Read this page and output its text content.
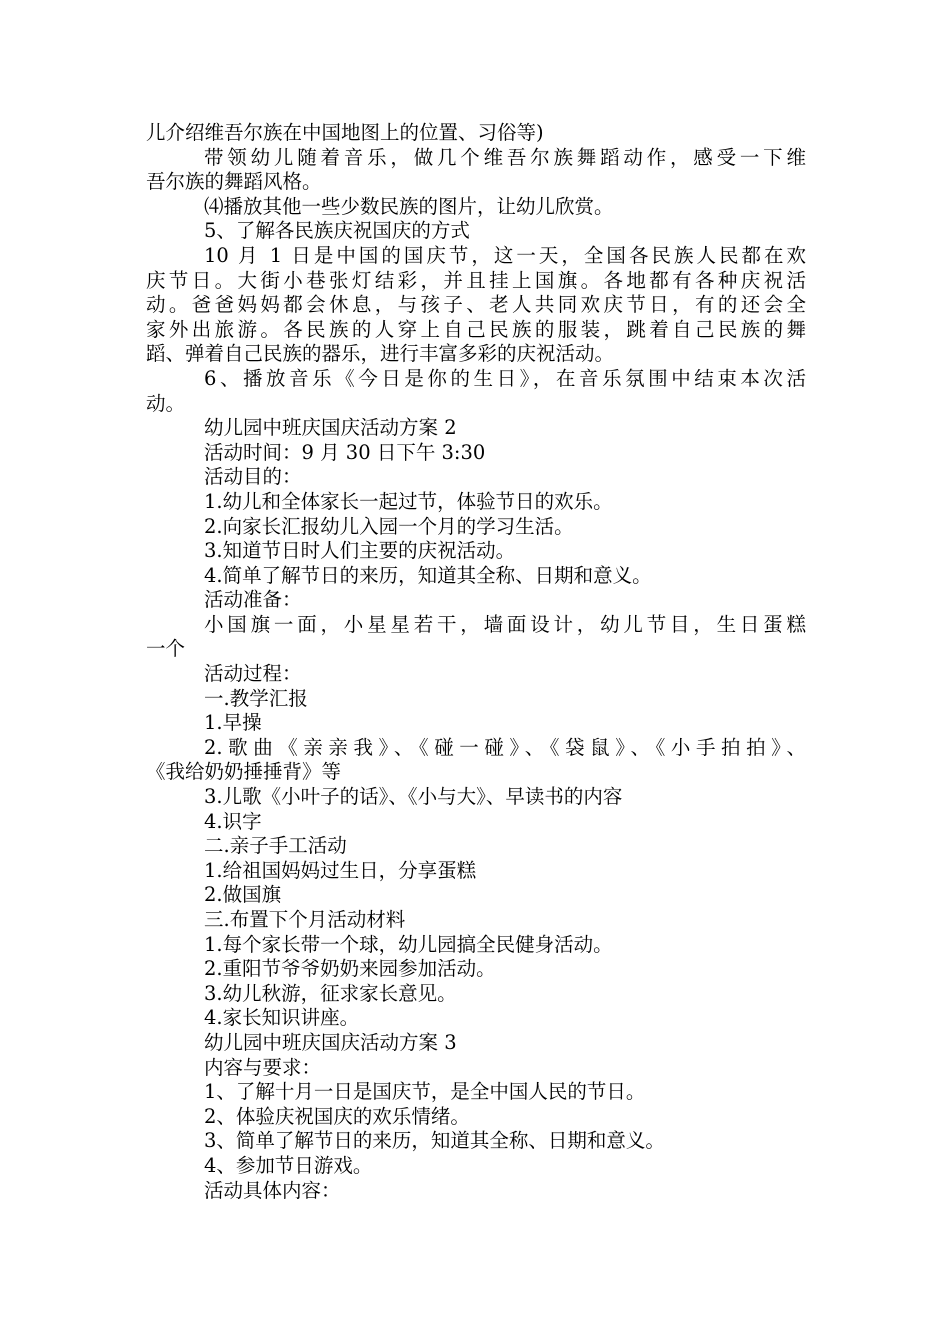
儿介绍维吾尔族在中国地图上的位置、习俗等)
带领幼儿随着音乐，做几个维吾尔族舞蹈动作，感受一下维
吾尔族的舞蹈风格。
⑷播放其他一些少数民族的图片，让幼儿欣赏。
5、了解各民族庆祝国庆的方式
10 月 1 日是中国的国庆节，这一天，全国各民族人民都在欢
庆节日。大街小巷张灯结彩，并且挂上国旗。各地都有各种庆祝活
动。爸爸妈妈都会休息，与孩子、老人共同欢庆节日，有的还会全
家外出旅游。各民族的人穿上自己民族的服装，跳着自己民族的舞
蹈、弹着自己民族的器乐，进行丰富多彩的庆祝活动。
6、播放音乐《今日是你的生日》，在音乐氛围中结束本次活
动。
幼儿园中班庆国庆活动方案 2
活动时间：9 月 30 日下午 3:30
活动目的：
1.幼儿和全体家长一起过节，体验节日的欢乐。
2.向家长汇报幼儿入园一个月的学习生活。
3.知道节日时人们主要的庆祝活动。
4.简单了解节日的来历，知道其全称、日期和意义。
活动准备：
小国旗一面，小星星若干，墙面设计，幼儿节目，生日蛋糕
一个
活动过程：
一.教学汇报
1.早操
2.歌曲《亲亲我》、《碰一碰》、《袋鼠》、《小手拍拍》、
《我给奶奶捶捶背》等
3.儿歌《小叶子的话》、《小与大》、早读书的内容
4.识字
二.亲子手工活动
1.给祖国妈妈过生日，分享蛋糕
2.做国旗
三.布置下个月活动材料
1.每个家长带一个球，幼儿园搞全民健身活动。
2.重阳节爷爷奶奶来园参加活动。
3.幼儿秋游，征求家长意见。
4.家长知识讲座。
幼儿园中班庆国庆活动方案 3
内容与要求：
1、了解十月一日是国庆节，是全中国人民的节日。
2、体验庆祝国庆的欢乐情绪。
3、简单了解节日的来历，知道其全称、日期和意义。
4、参加节日游戏。
活动具体内容：
